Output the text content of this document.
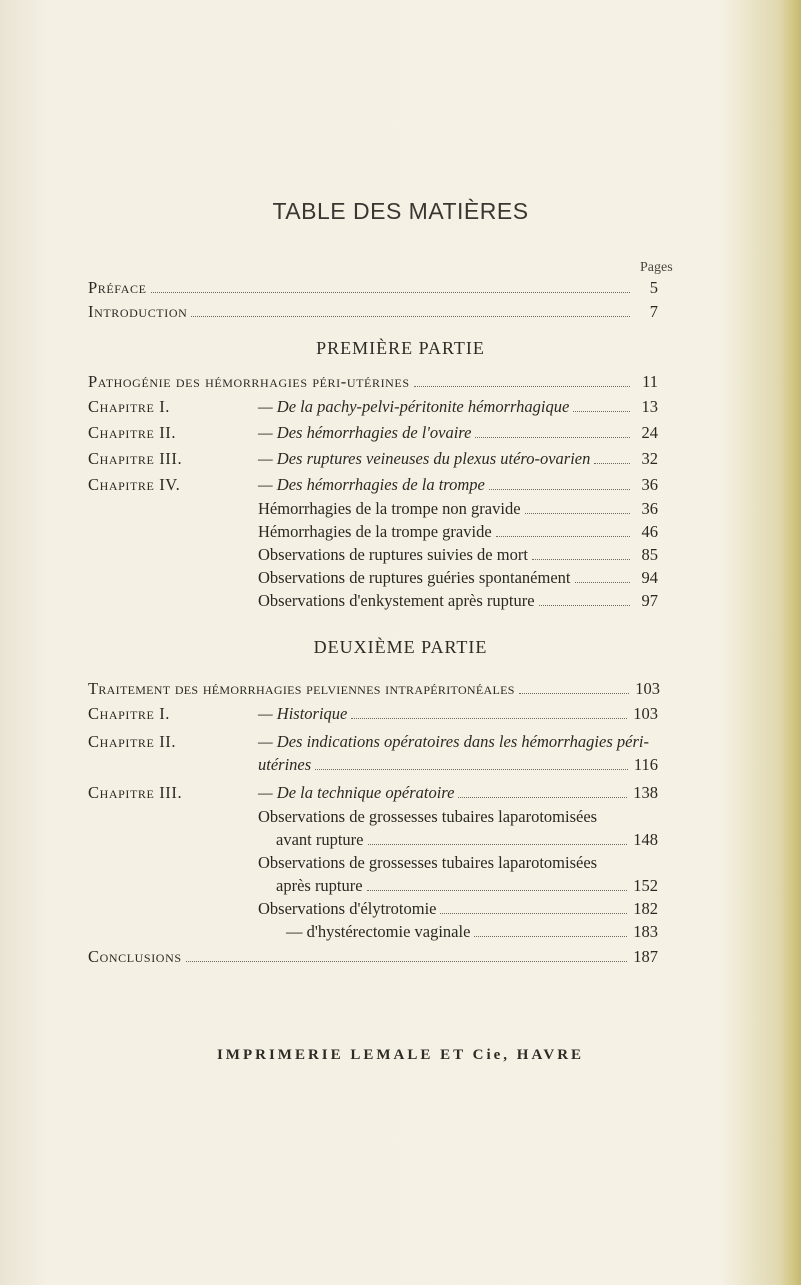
TABLE DES MATIÈRES
Pages
Préface	5
Introduction	7
PREMIÈRE PARTIE
Pathogénie des hémorrhagies péri-utérines	11
Chapitre I.	— De la pachy-pelvi-péritonite hémorrhagique	13
Chapitre II.	— Des hémorrhagies de l'ovaire	24
Chapitre III.	— Des ruptures veineuses du plexus utéro-ovarien	32
Chapitre IV.	— Des hémorrhagies de la trompe	36
Hémorrhagies de la trompe non gravide	36
Hémorrhagies de la trompe gravide	46
Observations de ruptures suivies de mort	85
Observations de ruptures guéries spontanément	94
Observations d'enkystement après rupture	97
DEUXIÈME PARTIE
Traitement des hémorrhagies pelviennes intrapéritonéales	103
Chapitre I.	— Historique	103
Chapitre II.	— Des indications opératoires dans les hémorrhagies péri-
utérines	116
Chapitre III.	— De la technique opératoire	138
Observations de grossesses tubaires laparotomisées
avant rupture	148
Observations de grossesses tubaires laparotomisées
après rupture	152
Observations d'élytrotomie	182
— d'hystérectomie vaginale	183
Conclusions	187
IMPRIMERIE LEMALE ET Cie, HAVRE
